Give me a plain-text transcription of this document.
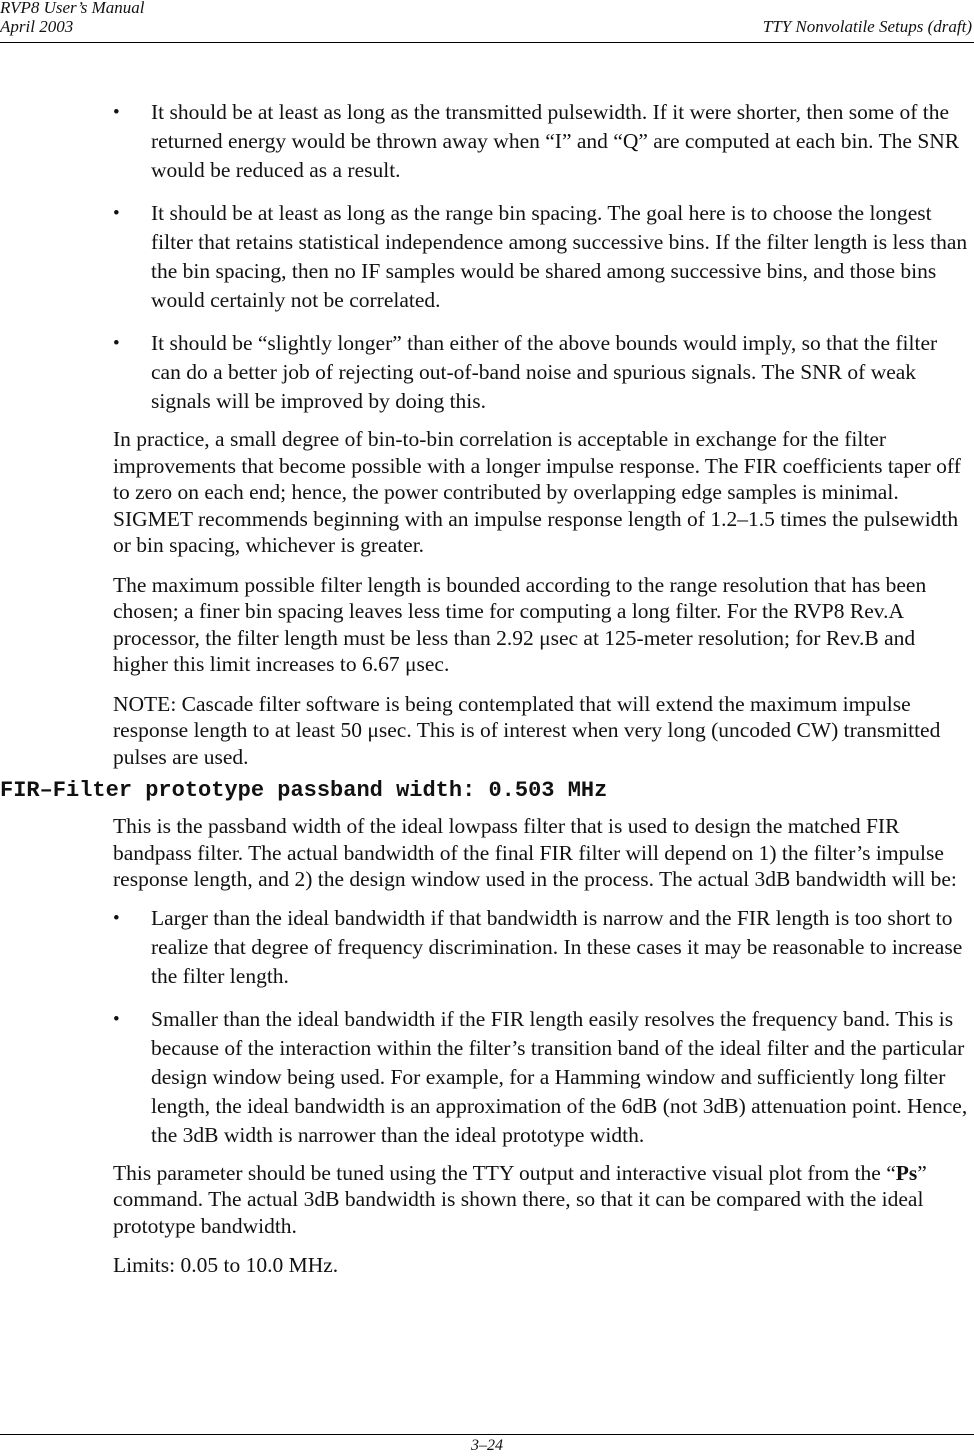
RVP8 User’s Manual
April 2003	TTY Nonvolatile Setups (draft)
• It should be at least as long as the transmitted pulsewidth. If it were shorter, then some of the returned energy would be thrown away when “I” and “Q” are computed at each bin. The SNR would be reduced as a result.
• It should be at least as long as the range bin spacing. The goal here is to choose the longest filter that retains statistical independence among successive bins. If the filter length is less than the bin spacing, then no IF samples would be shared among successive bins, and those bins would certainly not be correlated.
• It should be “slightly longer” than either of the above bounds would imply, so that the filter can do a better job of rejecting out-of-band noise and spurious signals. The SNR of weak signals will be improved by doing this.

In practice, a small degree of bin-to-bin correlation is acceptable in exchange for the filter improvements that become possible with a longer impulse response. The FIR coefficients taper off to zero on each end; hence, the power contributed by overlapping edge samples is minimal. SIGMET recommends beginning with an impulse response length of 1.2–1.5 times the pulsewidth or bin spacing, whichever is greater.

The maximum possible filter length is bounded according to the range resolution that has been chosen; a finer bin spacing leaves less time for computing a long filter. For the RVP8 Rev.A processor, the filter length must be less than 2.92 μsec at 125-meter resolution; for Rev.B and higher this limit increases to 6.67 μsec.

NOTE: Cascade filter software is being contemplated that will extend the maximum impulse response length to at least 50 μsec. This is of interest when very long (uncoded CW) transmitted pulses are used.

FIR–Filter prototype passband width: 0.503 MHz

This is the passband width of the ideal lowpass filter that is used to design the matched FIR bandpass filter. The actual bandwidth of the final FIR filter will depend on 1) the filter’s impulse response length, and 2) the design window used in the process. The actual 3dB bandwidth will be:

• Larger than the ideal bandwidth if that bandwidth is narrow and the FIR length is too short to realize that degree of frequency discrimination. In these cases it may be reasonable to increase the filter length.
• Smaller than the ideal bandwidth if the FIR length easily resolves the frequency band. This is because of the interaction within the filter’s transition band of the ideal filter and the particular design window being used. For example, for a Hamming window and sufficiently long filter length, the ideal bandwidth is an approximation of the 6dB (not 3dB) attenuation point. Hence, the 3dB width is narrower than the ideal prototype width.

This parameter should be tuned using the TTY output and interactive visual plot from the “Ps” command. The actual 3dB bandwidth is shown there, so that it can be compared with the ideal prototype bandwidth.

Limits: 0.05 to 10.0 MHz.

3–24
